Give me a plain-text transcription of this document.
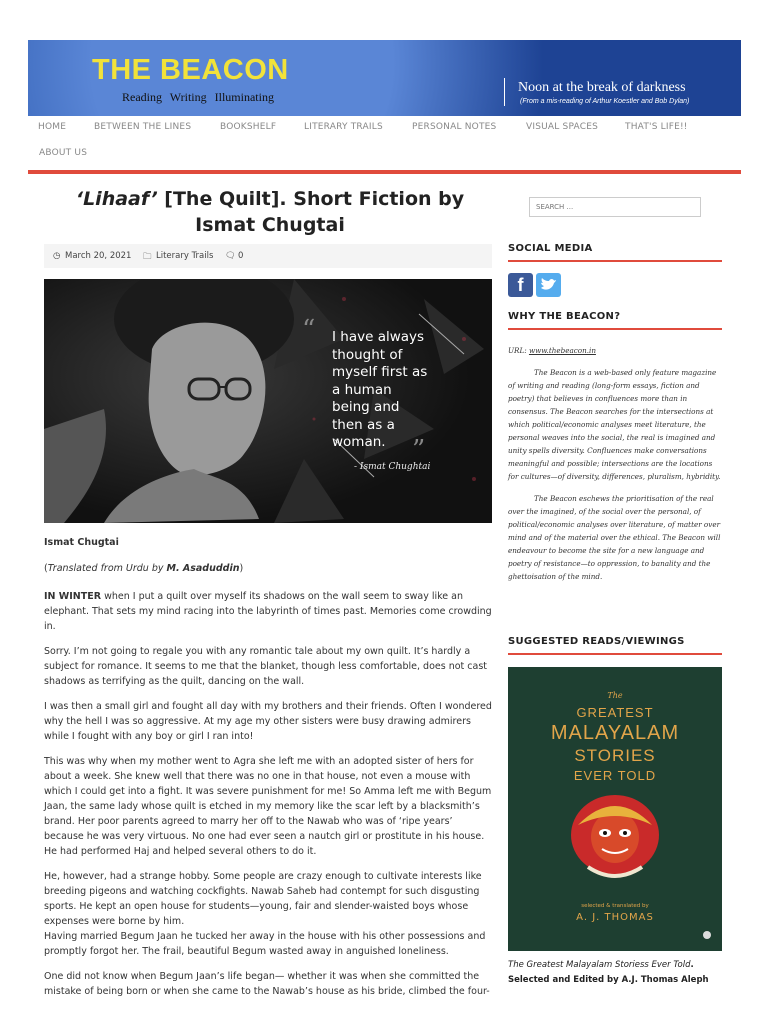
THE BEACON
Reading Writing Illuminating
Noon at the break of darkness
(From a mis-reading of Arthur Koestler and Bob Dylan)
HOME	BETWEEN THE LINES	BOOKSHELF	LITERARY TRAILS	PERSONAL NOTES	VISUAL SPACES	THAT'S LIFE!!
ABOUT US
‘Lihaaf’ [The Quilt]. Short Fiction by Ismat Chugtai
◷ March 20, 2021 🗀 Literary Trails 🗨 0
“ I have always
thought of
myself first as
a human
being and
then as a
woman.	”
- Ismat Chughtai
Ismat Chugtai
(Translated from Urdu by M. Asaduddin)

IN WINTER when I put a quilt over myself its shadows on the wall seem to sway like an elephant. That sets my mind racing into the labyrinth of times past. Memories come crowding in.

Sorry. I’m not going to regale you with any romantic tale about my own quilt. It’s hardly a subject for romance. It seems to me that the blanket, though less comfortable, does not cast shadows as terrifying as the quilt, dancing on the wall.

I was then a small girl and fought all day with my brothers and their friends. Often I wondered why the hell I was so aggressive. At my age my other sisters were busy drawing admirers while I fought with any boy or girl I ran into!

This was why when my mother went to Agra she left me with an adopted sister of hers for about a week. She knew well that there was no one in that house, not even a mouse with which I could get into a fight. It was severe punishment for me! So Amma left me with Begum Jaan, the same lady whose quilt is etched in my memory like the scar left by a blacksmith’s brand. Her poor parents agreed to marry her off to the Nawab who was of ‘ripe years’ because he was very virtuous. No one had ever seen a nautch girl or prostitute in his house. He had performed Haj and helped several others to do it.

He, however, had a strange hobby. Some people are crazy enough to cultivate interests like breeding pigeons and watching cockfights. Nawab Saheb had contempt for such disgusting sports. He kept an open house for students—young, fair and slender-waisted boys whose expenses were borne by him.

Having married Begum Jaan he tucked her away in the house with his other possessions and promptly forgot her. The frail, beautiful Begum wasted away in anguished loneliness.

One did not know when Begum Jaan’s life began— whether it was when she committed the mistake of being born or when she came to the Nawab’s house as his bride, climbed the four-

SEARCH ...
SOCIAL MEDIA
f
WHY THE BEACON?

URL: www.thebeacon.in

The Beacon is a web-based only feature magazine of writing and reading (long-form essays, fiction and poetry) that believes in confluences more than in consensus. The Beacon searches for the intersections at which political/economic analyses meet literature, the personal weaves into the social, the real is imagined and unity spells diversity. Confluences make conversations meaningful and possible; intersections are the locations for cultures—of diversity, differences, pluralism, hybridity.

The Beacon eschews the prioritisation of the real over the imagined, of the social over the personal, of political/economic analyses over literature, of matter over mind and of the material over the ethical. The Beacon will endeavour to become the site for a new language and poetry of resistance—to oppression, to banality and the ghettoisation of the mind.

SUGGESTED READS/VIEWINGS
The
GREATEST
MALAYALAM
STORIES
EVER TOLD
selected & translated by
A. J. THOMAS
The Greatest Malayalam Storiess Ever Told. Selected and Edited by A.J. Thomas Aleph
